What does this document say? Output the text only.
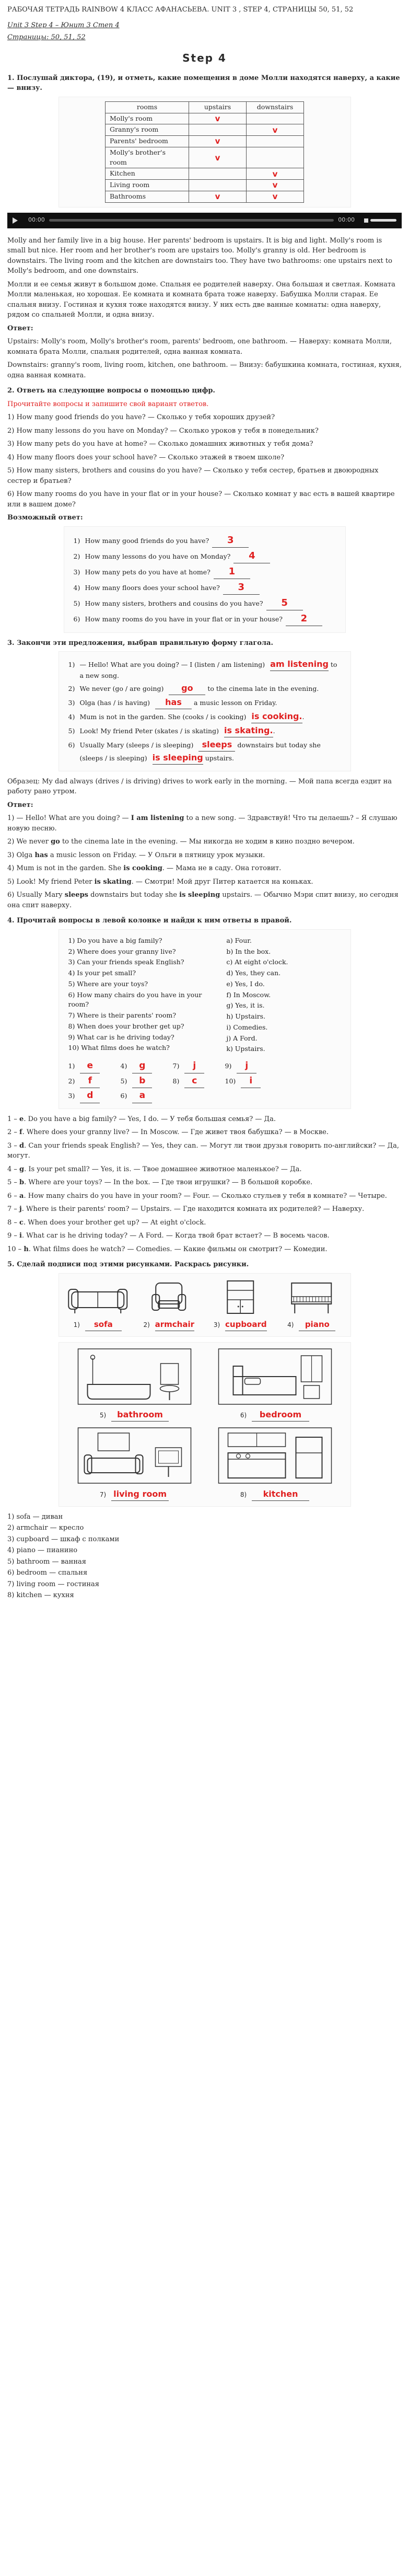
РАБОЧАЯ ТЕТРАДЬ RAINBOW 4 КЛАСС АФАНАСЬЕВА. UNIT 3 , STEP 4, СТРАНИЦЫ 50, 51, 52
Unit 3 Step 4 – Юнит 3 Степ 4
Страницы: 50, 51, 52
Step 4
1. Послушай диктора, (19), и отметь, какие помещения в доме Молли находятся наверху, а какие — внизу.
rooms	upstairs	downstairs
Molly's room	v	
Granny's room		v
Parents' bedroom	v	
Molly's brother's room	v	
Kitchen		v
Living room		v
Bathrooms	v	v
00:00	00:00

Molly and her family live in a big house. Her parents' bedroom is upstairs. It is big and light. Molly's room is small but nice. Her room and her brother's room are upstairs too. Molly's granny is old. Her bedroom is downstairs. The living room and the kitchen are downstairs too. They have two bathrooms: one upstairs next to Molly's bedroom, and one downstairs.

Молли и ее семья живут в большом доме. Спальня ее родителей наверху. Она большая и светлая. Комната Молли маленькая, но хорошая. Ее комната и комната брата тоже наверху. Бабушка Молли старая. Ее спальня внизу. Гостиная и кухня тоже находятся внизу. У них есть две ванные комнаты: одна наверху, рядом со спальней Молли, и одна внизу.

Ответ:

Upstairs: Molly's room, Molly's brother's room, parents' bedroom, one bathroom. — Наверху: комната Молли, комната брата Молли, спальня родителей, одна ванная комната.

Downstairs: granny's room, living room, kitchen, one bathroom. — Внизу: бабушкина комната, гостиная, кухня, одна ванная комната.

2. Ответь на следующие вопросы о помощью цифр.

Прочитайте вопросы и запишите свой вариант ответов.

1) How many good friends do you have? — Сколько у тебя хороших друзей?

2) How many lessons do you have on Monday? — Сколько уроков у тебя в понедельник?

3) How many pets do you have at home? — Сколько домашних животных у тебя дома?

4) How many floors does your school have? — Сколько этажей в твоем школе?

5) How many sisters, brothers and cousins do you have? — Сколько у тебя сестер, братьев и двоюродных сестер и братьев?

6) How many rooms do you have in your flat or in your house? — Сколько комнат у вас есть в вашей квартире или в вашем доме?

Возможный ответ:

1) How many good friends do you have?	3
2) How many lessons do you have on Monday?	4
3) How many pets do you have at home?	1
4) How many floors does your school have?	3
5) How many sisters, brothers and cousins do you have?	5
6) How many rooms do you have in your flat or in your house?	2
3. Закончи эти предложения, выбрав правильную форму глагола.
1) — Hello! What are you doing? — I (listen / am listening) am listening to a new song.
2) We never (go / are going) go to the cinema late in the evening.
3) Olga (has / is having) has a music lesson on Friday.
4) Mum is not in the garden. She (cooks / is cooking) is cooking..
5) Look! My friend Peter (skates / is skating) is skating..
6) Usually Mary (sleeps / is sleeping) sleeps downstairs but today she (sleeps / is sleeping) is sleeping upstairs.

Образец: My dad always (drives / is driving) drives to work early in the morning. — Мой папа всегда ездит на работу рано утром.

Ответ:

1) — Hello! What are you doing? — I am listening to a new song. — Здравствуй! Что ты делаешь? – Я слушаю новую песню.

2) We never go to the cinema late in the evening. — Мы никогда не ходим в кино поздно вечером.

3) Olga has a music lesson on Friday. — У Ольги в пятницу урок музыки.

4) Mum is not in the garden. She is cooking. — Мама не в саду. Она готовит.

5) Look! My friend Peter is skating. — Смотри! Мой друг Питер катается на коньках.

6) Usually Mary sleeps downstairs but today she is sleeping upstairs. — Обычно Мэри спит внизу, но сегодня она спит наверху.

4. Прочитай вопросы в левой колонке и найди к ним ответы в правой.
1) Do you have a big family?
2) Where does your granny live?
3) Can your friends speak English?
4) Is your pet small?
5) Where are your toys?
6) How many chairs do you have in your room?
7) Where is their parents' room?
8) When does your brother get up?
9) What car is he driving today?
10) What films does he watch?
a) Four.
b) In the box.
c) At eight o'clock.
d) Yes, they can.
e) Yes, I do.
f) In Moscow.
g) Yes, it is.
h) Upstairs.
i) Comedies.
j) A Ford.
k) Upstairs.
1) e	4) g	7) j	9) j
2) f	5) b	8) c	10) i
3) d	6) a

1 – e. Do you have a big family? — Yes, I do. — У тебя большая семья? — Да.

2 – f. Where does your granny live? — In Moscow. — Где живет твоя бабушка? — в Москве.

3 – d. Can your friends speak English? — Yes, they can. — Могут ли твои друзья говорить по-английски? — Да, могут.

4 – g. Is your pet small? — Yes, it is. — Твое домашнее животное маленькое? — Да.

5 – b. Where are your toys? — In the box. — Где твои игрушки? — В большой коробке.

6 – a. How many chairs do you have in your room? — Four. — Сколько стульев у тебя в комнате? — Четыре.

7 – j. Where is their parents' room? — Upstairs. — Где находится комната их родителей? — Наверху.

8 – c. When does your brother get up? — At eight o'clock.

9 – i. What car is he driving today? — A Ford. — Когда твой брат встает? — В восемь часов.

10 – h. What films does he watch? — Comedies. — Какие фильмы он смотрит? — Комедии.

5. Сделай подписи под этими рисунками. Раскрась рисунки.
1) sofa	2) armchair	3) cupboard	4) piano
5) bathroom	6) bedroom
7) living room	8) kitchen
1) sofa — диван
2) armchair — кресло
3) cupboard — шкаф с полками
4) piano — пианино
5) bathroom — ванная
6) bedroom — спальня
7) living room — гостиная
8) kitchen — кухня
